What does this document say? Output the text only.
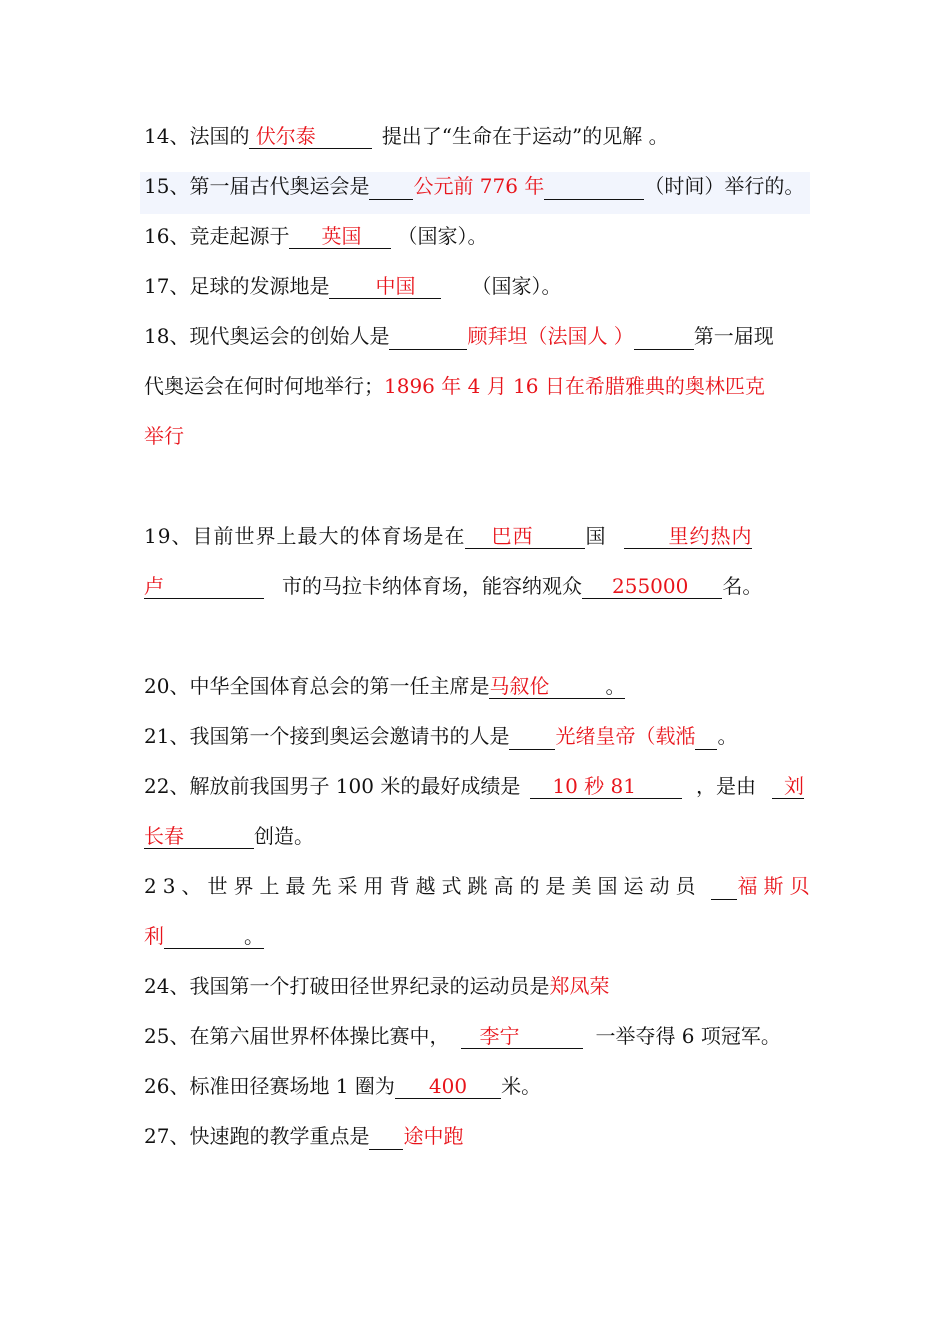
14、法国的 伏尔泰	提出了“生命在于运动”的见解 。
15、第一届古代奥运会是 公元前 776 年	（时间）举行的。
16、竞走起源于 英国 （国家）。
17、足球的发源地是 中国	（国家）。
18、现代奥运会的创始人是	顾拜坦（法国人 ）	第一届现
代奥运会在何时何地举行；1896 年 4 月 16 日在希腊雅典的奥林匹克
举行
19、目前世界上最大的体育场是在 巴西	国	里约热内
卢	市的马拉卡纳体育场，能容纳观众 255000 名。
20、中华全国体育总会的第一任主席是马叙伦	。
21、我国第一个接到奥运会邀请书的人是 光绪皇帝（载湉 。
22、解放前我国男子 100 米的最好成绩是 10 秒 81	，是由 刘
长春	创造。
23、世界上最先采用背越式跳高的是美国运动员 福斯贝
利	。
24、我国第一个打破田径世界纪录的运动员是郑凤荣
25、在第六届世界杯体操比赛中， 李宁	一举夺得 6 项冠军。
26、标准田径赛场地 1 圈为 400 米。
27、快速跑的教学重点是 途中跑
